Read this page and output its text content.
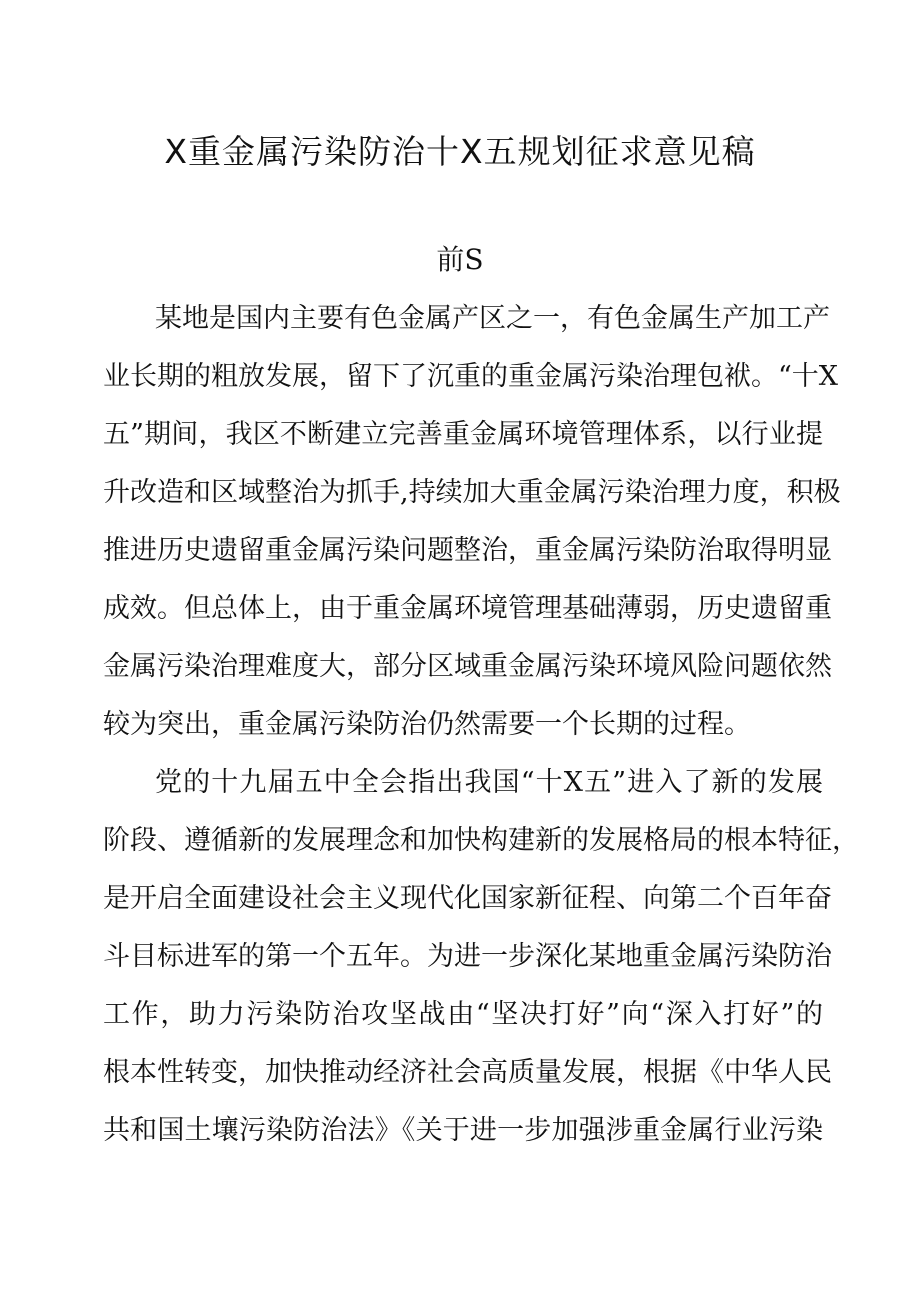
X重金属污染防治十X五规划征求意见稿
前S

某地是国内主要有色金属产区之一，有色金属生产加工产
业长期的粗放发展，留下了沉重的重金属污染治理包袱。“十X
五”期间，我区不断建立完善重金属环境管理体系，以行业提
升改造和区域整治为抓手,持续加大重金属污染治理力度，积极
推进历史遗留重金属污染问题整治，重金属污染防治取得明显
成效。但总体上，由于重金属环境管理基础薄弱，历史遗留重
金属污染治理难度大，部分区域重金属污染环境风险问题依然
较为突出，重金属污染防治仍然需要一个长期的过程。

党的十九届五中全会指出我国“十X五”进入了新的发展
阶段、遵循新的发展理念和加快构建新的发展格局的根本特征，
是开启全面建设社会主义现代化国家新征程、向第二个百年奋
斗目标进军的第一个五年。为进一步深化某地重金属污染防治
工作，助力污染防治攻坚战由“坚决打好”向“深入打好”的
根本性转变，加快推动经济社会高质量发展，根据《中华人民
共和国土壤污染防治法》《关于进一步加强涉重金属行业污染
